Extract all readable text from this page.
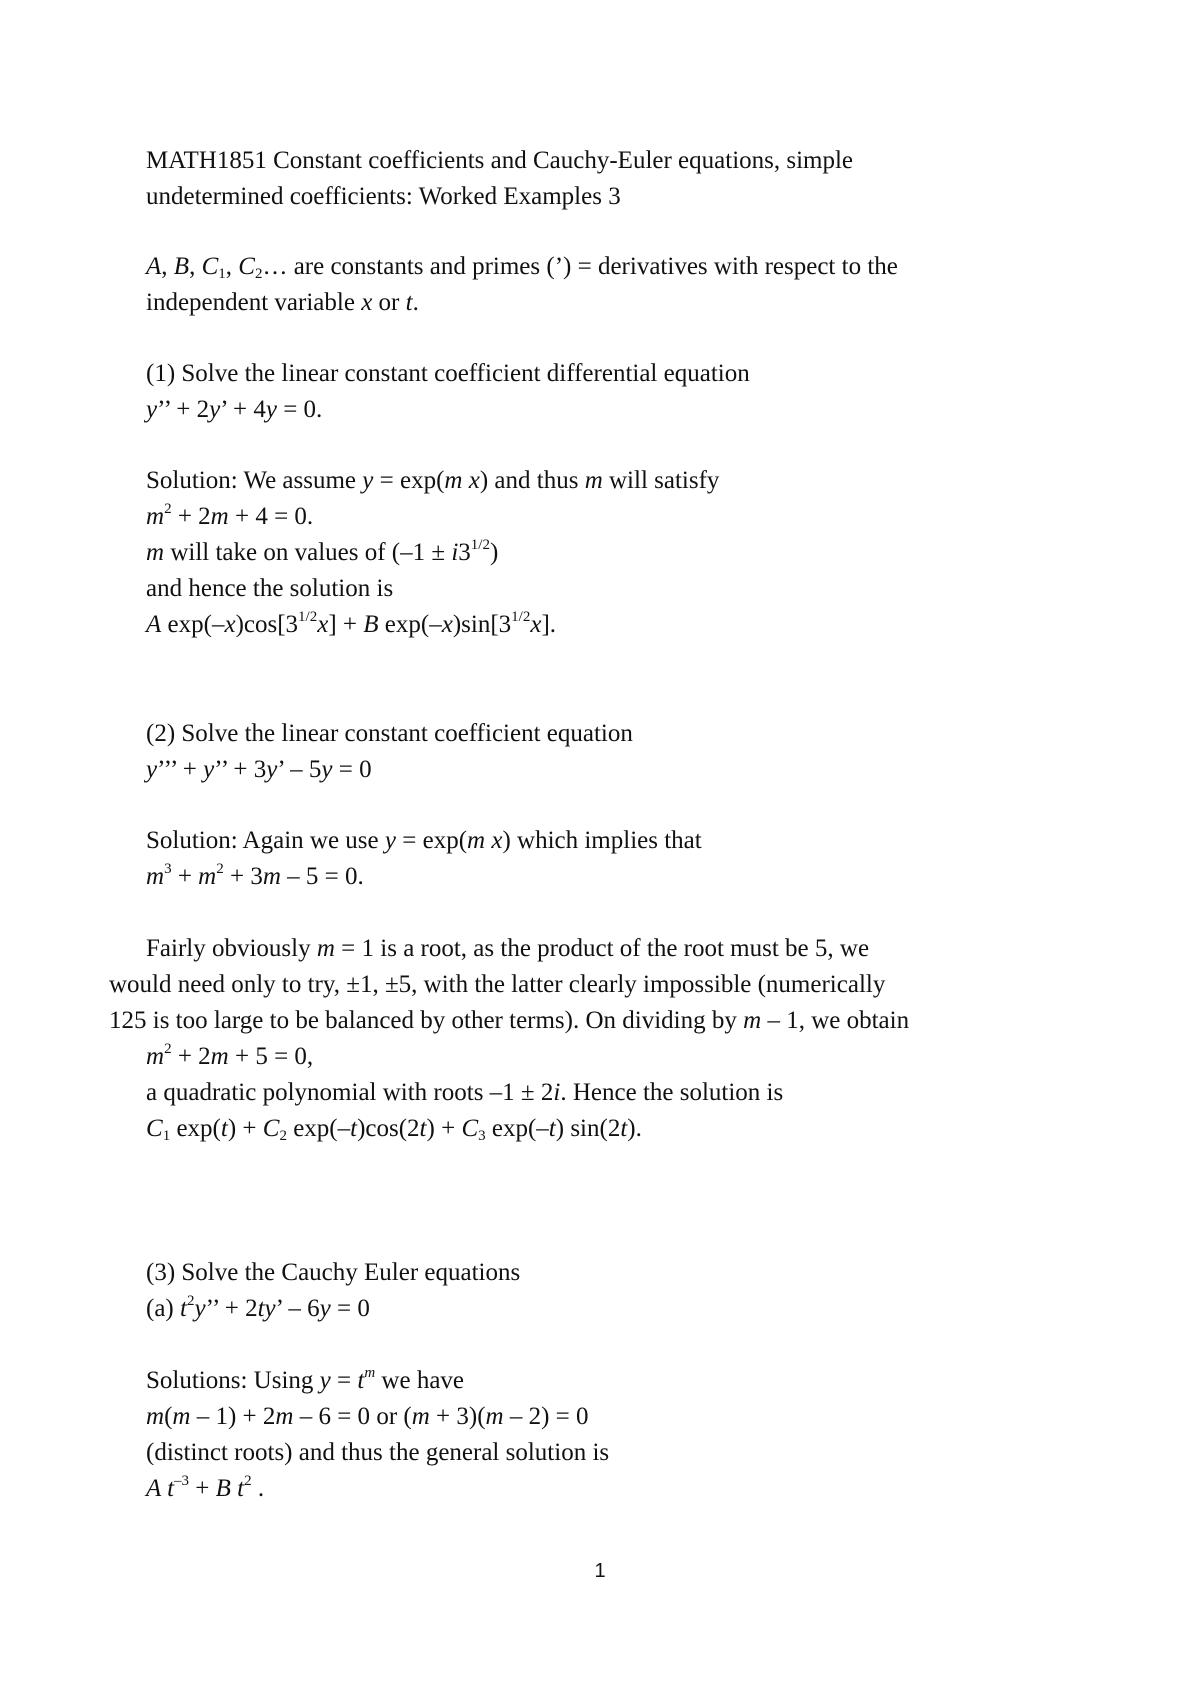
MATH1851 Constant coefficients and Cauchy-Euler equations, simple
undetermined coefficients: Worked Examples 3
A, B, $C_1$, $C_2\dots$ are constants and primes (’) = derivatives with respect to the
independent variable x or t.
(1) Solve the linear constant coefficient differential equation
y’’ + 2y’ + 4y = 0.
Solution: We assume y = exp(m x) and thus m will satisfy
$m^2 + 2m + 4 = 0$.
m will take on values of $(-1 \pm i3^{1/2})$
and hence the solution is
A $\exp(-x)\cos[3^{1/2}x] + B$ $\exp(-x)\sin[3^{1/2}x]$.
(2) Solve the linear constant coefficient equation
y’’’ + y’’ + 3y’ – 5y = 0
Solution: Again we use y = exp(m x) which implies that
$m^3 + m^2 + 3m - 5 = 0$.
Fairly obviously m = 1 is a root, as the product of the root must be 5, we
would need only to try, ±1, ±5, with the latter clearly impossible (numerically
125 is too large to be balanced by other terms). On dividing by m – 1, we obtain
$m^2 + 2m + 5 = 0$,
a quadratic polynomial with roots –1 ± 2i. Hence the solution is
$C_1$ $\exp(t) + C_2$ $\exp(-t)\cos(2t) + C_3$ exp(–t) sin(2t).
(3) Solve the Cauchy Euler equations
(a) $t^2y$’’ + 2ty’ – 6y = 0
Solutions: Using $y = t^m$ we have
m(m – 1) + 2m – 6 = 0 or (m + 3)(m – 2) = 0
(distinct roots) and thus the general solution is
A $t^{-3} + B$ $t^2$ .
1
